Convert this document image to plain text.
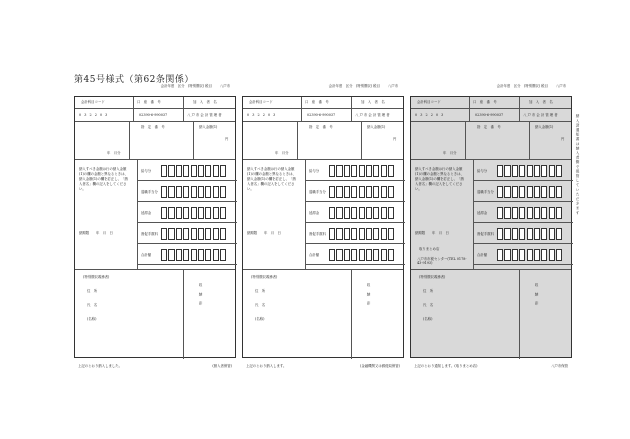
第45号様式（第62条関係）
会計年度　区分　(特別徴収) 税目　　 八戸市
会計科目コード	口　座　番　号	加　入　者　名
0 3 2 2 0 3	02390-6-990037	八 戸 市 会 計 管 理 者
指　定　番　号	納入金額(1)
円
年　月分
納入すべき金額は行の納入金額(1)の欄の金額と異なるときは、納入金額(1)の欄を訂正し、「納入者名」欄の記入をしてください。
納期限　　年　月　日
給与分
退職手当分
延滞金
督促手数料
合計額
(特別徴収義務者)
住　所
氏　名
(名称)
収　納　印
上記のとおり納入しました。	(納入者保管)
会計年度　区分　(特別徴収) 税目　　 八戸市
会計科目コード	口　座　番　号	加　入　者　名
0 3 2 2 0 3	02390-6-990037	八 戸 市 会 計 管 理 者
指　定　番　号	納入金額(1)
円
年　月分
納入すべき金額は行の納入金額(1)の欄の金額と異なるときは、納入金額(1)の欄を訂正し、「納入者名」欄の記入をしてください。
納期限　　年　月　日
給与分
退職手当分
延滞金
督促手数料
合計額
(特別徴収義務者)
住　所
氏　名
(名称)
収　納　印
上記のとおり納入します。	(金融機関又は郵便局保管)
会計年度　区分　(特別徴収) 税目　　 八戸市
会計科目コード	口　座　番　号	加　入　者　名
0 3 2 2 0 3	02390-6-990037	八 戸 市 会 計 管 理 者
指　定　番　号	納入金額(1)
円
年　月分
納入すべき金額は行の納入金額(1)の欄の金額と異なるときは、納入金額(1)の欄を訂正し、「納入者名」欄の記入をしてください。
納期限　　年　月　日
給与分
退職手当分
延滞金
督促手数料
合計額
(特別徴収義務者)
住　所
氏　名
(名称)
収　納　印
取りまとめ店
八戸市市税センター(TEL 0178-43-9193)
上記のとおり通知します。(取りまとめ店)	八戸市保管
納入済通知書は納入者側で保管していただきます
